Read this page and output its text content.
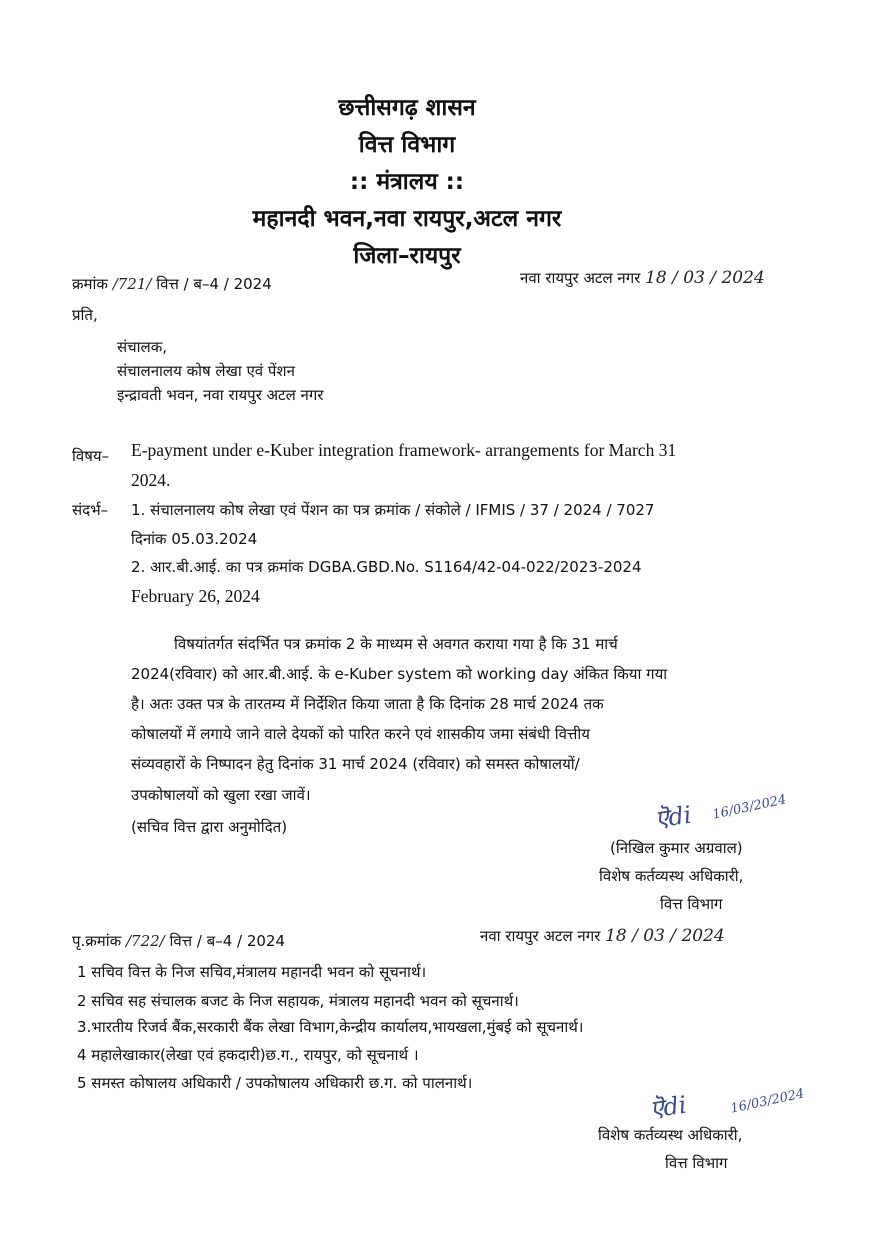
छत्तीसगढ़ शासन
वित्त विभाग
:: मंत्रालय ::
महानदी भवन,नवा रायपुर,अटल नगर
जिला–रायपुर
क्रमांक /721/ वित्त / ब–4 / 2024	नवा रायपुर अटल नगर 18 / 03 / 2024
प्रति,
संचालक,
संचालनालय कोष लेखा एवं पेंशन
इन्द्रावती भवन, नवा रायपुर अटल नगर
विषय– E-payment under e-Kuber integration framework- arrangements for March 31
2024.
संदर्भ– 1. संचालनालय कोष लेखा एवं पेंशन का पत्र क्रमांक / संकोले / IFMIS / 37 / 2024 / 7027
दिनांक 05.03.2024
2. आर.बी.आई. का पत्र क्रमांक DGBA.GBD.No. S1164/42-04-022/2023-2024
February 26, 2024
विषयांतर्गत संदर्भित पत्र क्रमांक 2 के माध्यम से अवगत कराया गया है कि 31 मार्च
2024(रविवार) को आर.बी.आई. के e-Kuber system को working day अंकित किया गया
है। अतः उक्त पत्र के तारतम्य में निर्देशित किया जाता है कि दिनांक 28 मार्च 2024 तक
कोषालयों में लगाये जाने वाले देयकों को पारित करने एवं शासकीय जमा संबंधी वित्तीय
संव्यवहारों के निष्पादन हेतु दिनांक 31 मार्च 2024 (रविवार) को समस्त कोषालयों/
उपकोषालयों को खुला रखा जावें।
(सचिव वित्त द्वारा अनुमोदित)	ऎdi 16/03/2024
(निखिल कुमार अग्रवाल)
विशेष कर्तव्यस्थ अधिकारी,
वित्त विभाग
पृ.क्रमांक /722/ वित्त / ब–4 / 2024	नवा रायपुर अटल नगर 18 / 03 / 2024
1 सचिव वित्त के निज सचिव,मंत्रालय महानदी भवन को सूचनार्थ।
2 सचिव सह संचालक बजट के निज सहायक, मंत्रालय महानदी भवन को सूचनार्थ।
3.भारतीय रिजर्व बैंक,सरकारी बैंक लेखा विभाग,केन्द्रीय कार्यालय,भायखला,मुंबई को सूचनार्थ।
4 महालेखाकार(लेखा एवं हकदारी)छ.ग., रायपुर, को सूचनार्थ ।
5 समस्त कोषालय अधिकारी / उपकोषालय अधिकारी छ.ग. को पालनार्थ।
ऎdi	16/03/2024
विशेष कर्तव्यस्थ अधिकारी,
वित्त विभाग
